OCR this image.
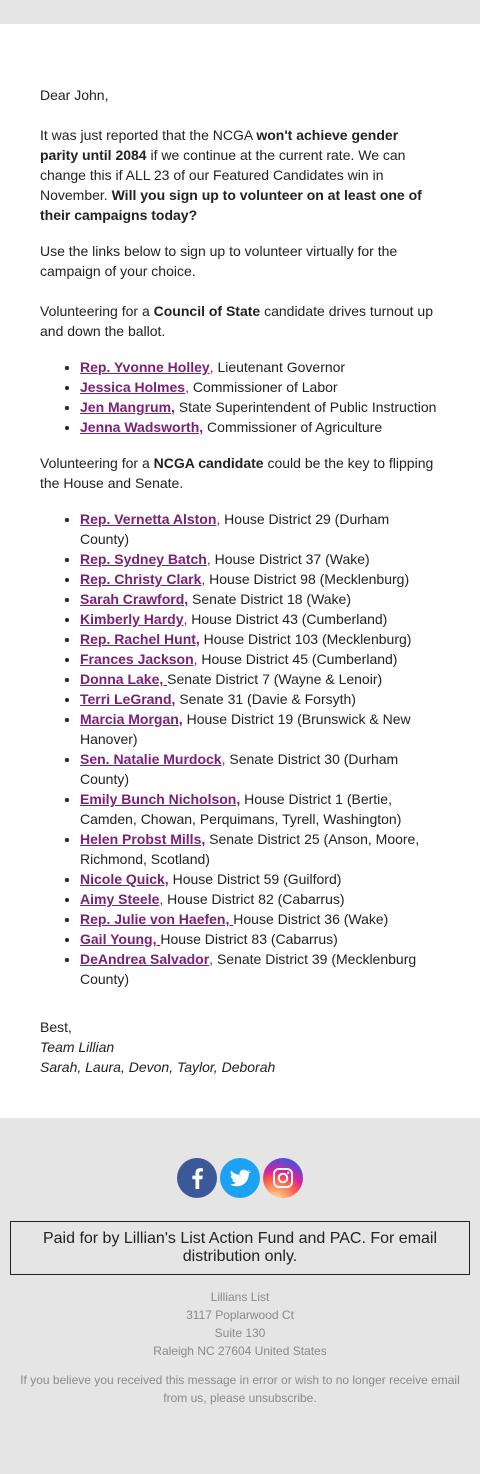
Dear John,

It was just reported that the NCGA won't achieve gender parity until 2084 if we continue at the current rate. We can change this if ALL 23 of our Featured Candidates win in November. Will you sign up to volunteer on at least one of their campaigns today?

Use the links below to sign up to volunteer virtually for the campaign of your choice.

Volunteering for a Council of State candidate drives turnout up and down the ballot.

• Rep. Yvonne Holley, Lieutenant Governor
• Jessica Holmes, Commissioner of Labor
• Jen Mangrum, State Superintendent of Public Instruction
• Jenna Wadsworth, Commissioner of Agriculture

Volunteering for a NCGA candidate could be the key to flipping the House and Senate.

• Rep. Vernetta Alston, House District 29 (Durham County)
• Rep. Sydney Batch, House District 37 (Wake)
• Rep. Christy Clark, House District 98 (Mecklenburg)
• Sarah Crawford, Senate District 18 (Wake)
• Kimberly Hardy, House District 43 (Cumberland)
• Rep. Rachel Hunt, House District 103 (Mecklenburg)
• Frances Jackson, House District 45 (Cumberland)
• Donna Lake, Senate District 7 (Wayne & Lenoir)
• Terri LeGrand, Senate 31 (Davie & Forsyth)
• Marcia Morgan, House District 19 (Brunswick & New Hanover)
• Sen. Natalie Murdock, Senate District 30 (Durham County)
• Emily Bunch Nicholson, House District 1 (Bertie, Camden, Chowan, Perquimans, Tyrell, Washington)
• Helen Probst Mills, Senate District 25 (Anson, Moore, Richmond, Scotland)
• Nicole Quick, House District 59 (Guilford)
• Aimy Steele, House District 82 (Cabarrus)
• Rep. Julie von Haefen, House District 36 (Wake)
• Gail Young, House District 83 (Cabarrus)
• DeAndrea Salvador, Senate District 39 (Mecklenburg County)

Best,

Team Lillian

Sarah, Laura, Devon, Taylor, Deborah

Paid for by Lillian's List Action Fund and PAC. For email distribution only.
Lillians List
3117 Poplarwood Ct
Suite 130
Raleigh NC 27604 United States
If you believe you received this message in error or wish to no longer receive email from us, please unsubscribe.
